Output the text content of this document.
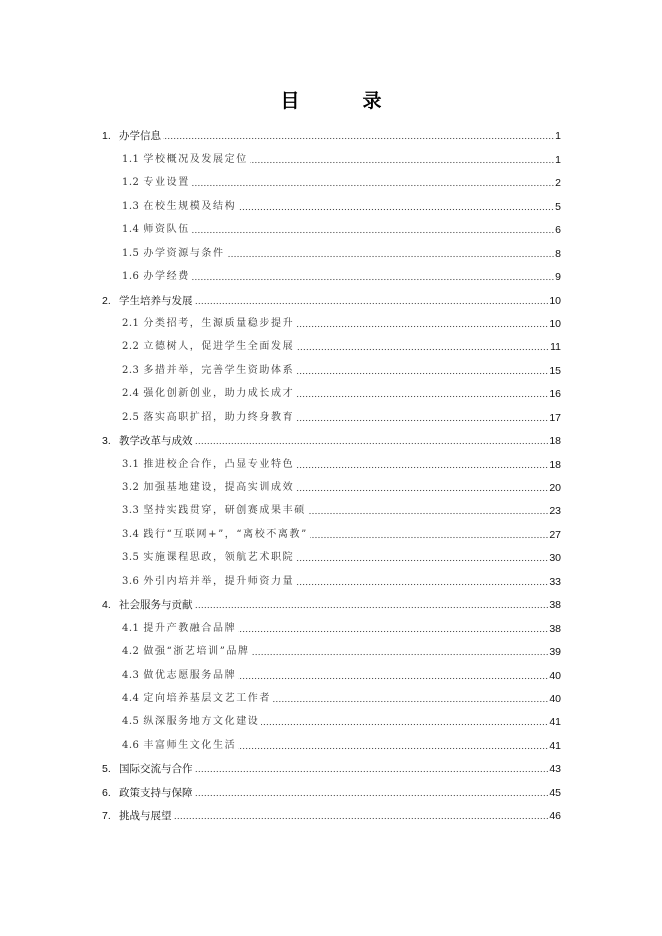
目　录
1. 办学信息	1
1.1 学校概况及发展定位	1
1.2 专业设置	2
1.3 在校生规模及结构	5
1.4 师资队伍	6
1.5 办学资源与条件	8
1.6 办学经费	9
2. 学生培养与发展	10
2.1 分类招考，生源质量稳步提升	10
2.2 立德树人，促进学生全面发展	11
2.3 多措并举，完善学生资助体系	15
2.4 强化创新创业，助力成长成才	16
2.5 落实高职扩招，助力终身教育	17
3. 教学改革与成效	18
3.1 推进校企合作，凸显专业特色	18
3.2 加强基地建设，提高实训成效	20
3.3 坚持实践贯穿，研创赛成果丰硕	23
3.4 践行“互联网+”，“离校不离教”	27
3.5 实施课程思政，领航艺术职院	30
3.6 外引内培并举，提升师资力量	33
4. 社会服务与贡献	38
4.1 提升产教融合品牌	38
4.2 做强“浙艺培训”品牌	39
4.3 做优志愿服务品牌	40
4.4 定向培养基层文艺工作者	40
4.5 纵深服务地方文化建设	41
4.6 丰富师生文化生活	41
5. 国际交流与合作	43
6. 政策支持与保障	45
7. 挑战与展望	46
